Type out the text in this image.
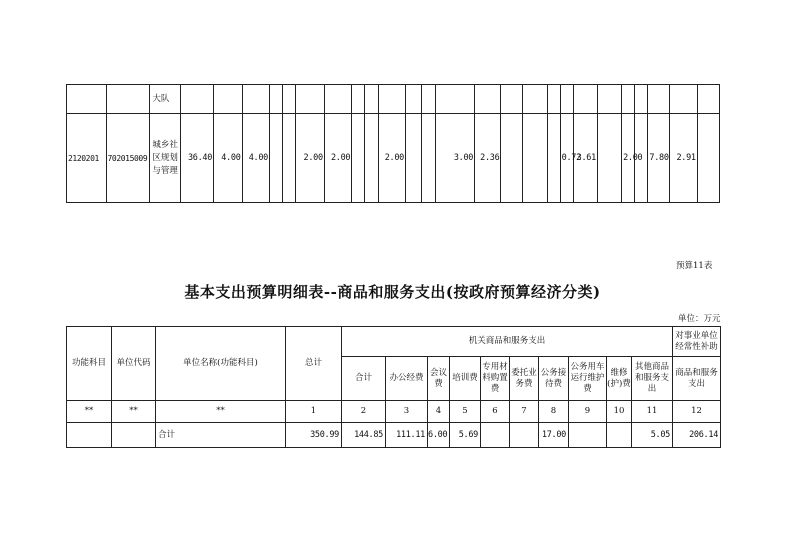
		大队																									
2120201	702015009	城乡社区规划与管理	36.40	4.00	4.00			2.00	2.00			2.00			3.00	2.36				0.72	3.61		2.00		7.80	2.91	
预算11表
基本支出预算明细表--商品和服务支出(按政府预算经济分类)
单位：万元
功能科目	单位代码	单位名称(功能科目)	总计	机关商品和服务支出										对事业单位经常性补助
				合计	办公经费	会议费	培训费	专用材料购置费	委托业务费	公务接待费	公务用车运行维护费	维修(护)费	其他商品和服务支出	商品和服务支出
**	**	**	1	2	3	4	5	6	7	8	9	10	11	12
		合计	350.99	144.85	111.11	6.00	5.69			17.00			5.05	206.14
